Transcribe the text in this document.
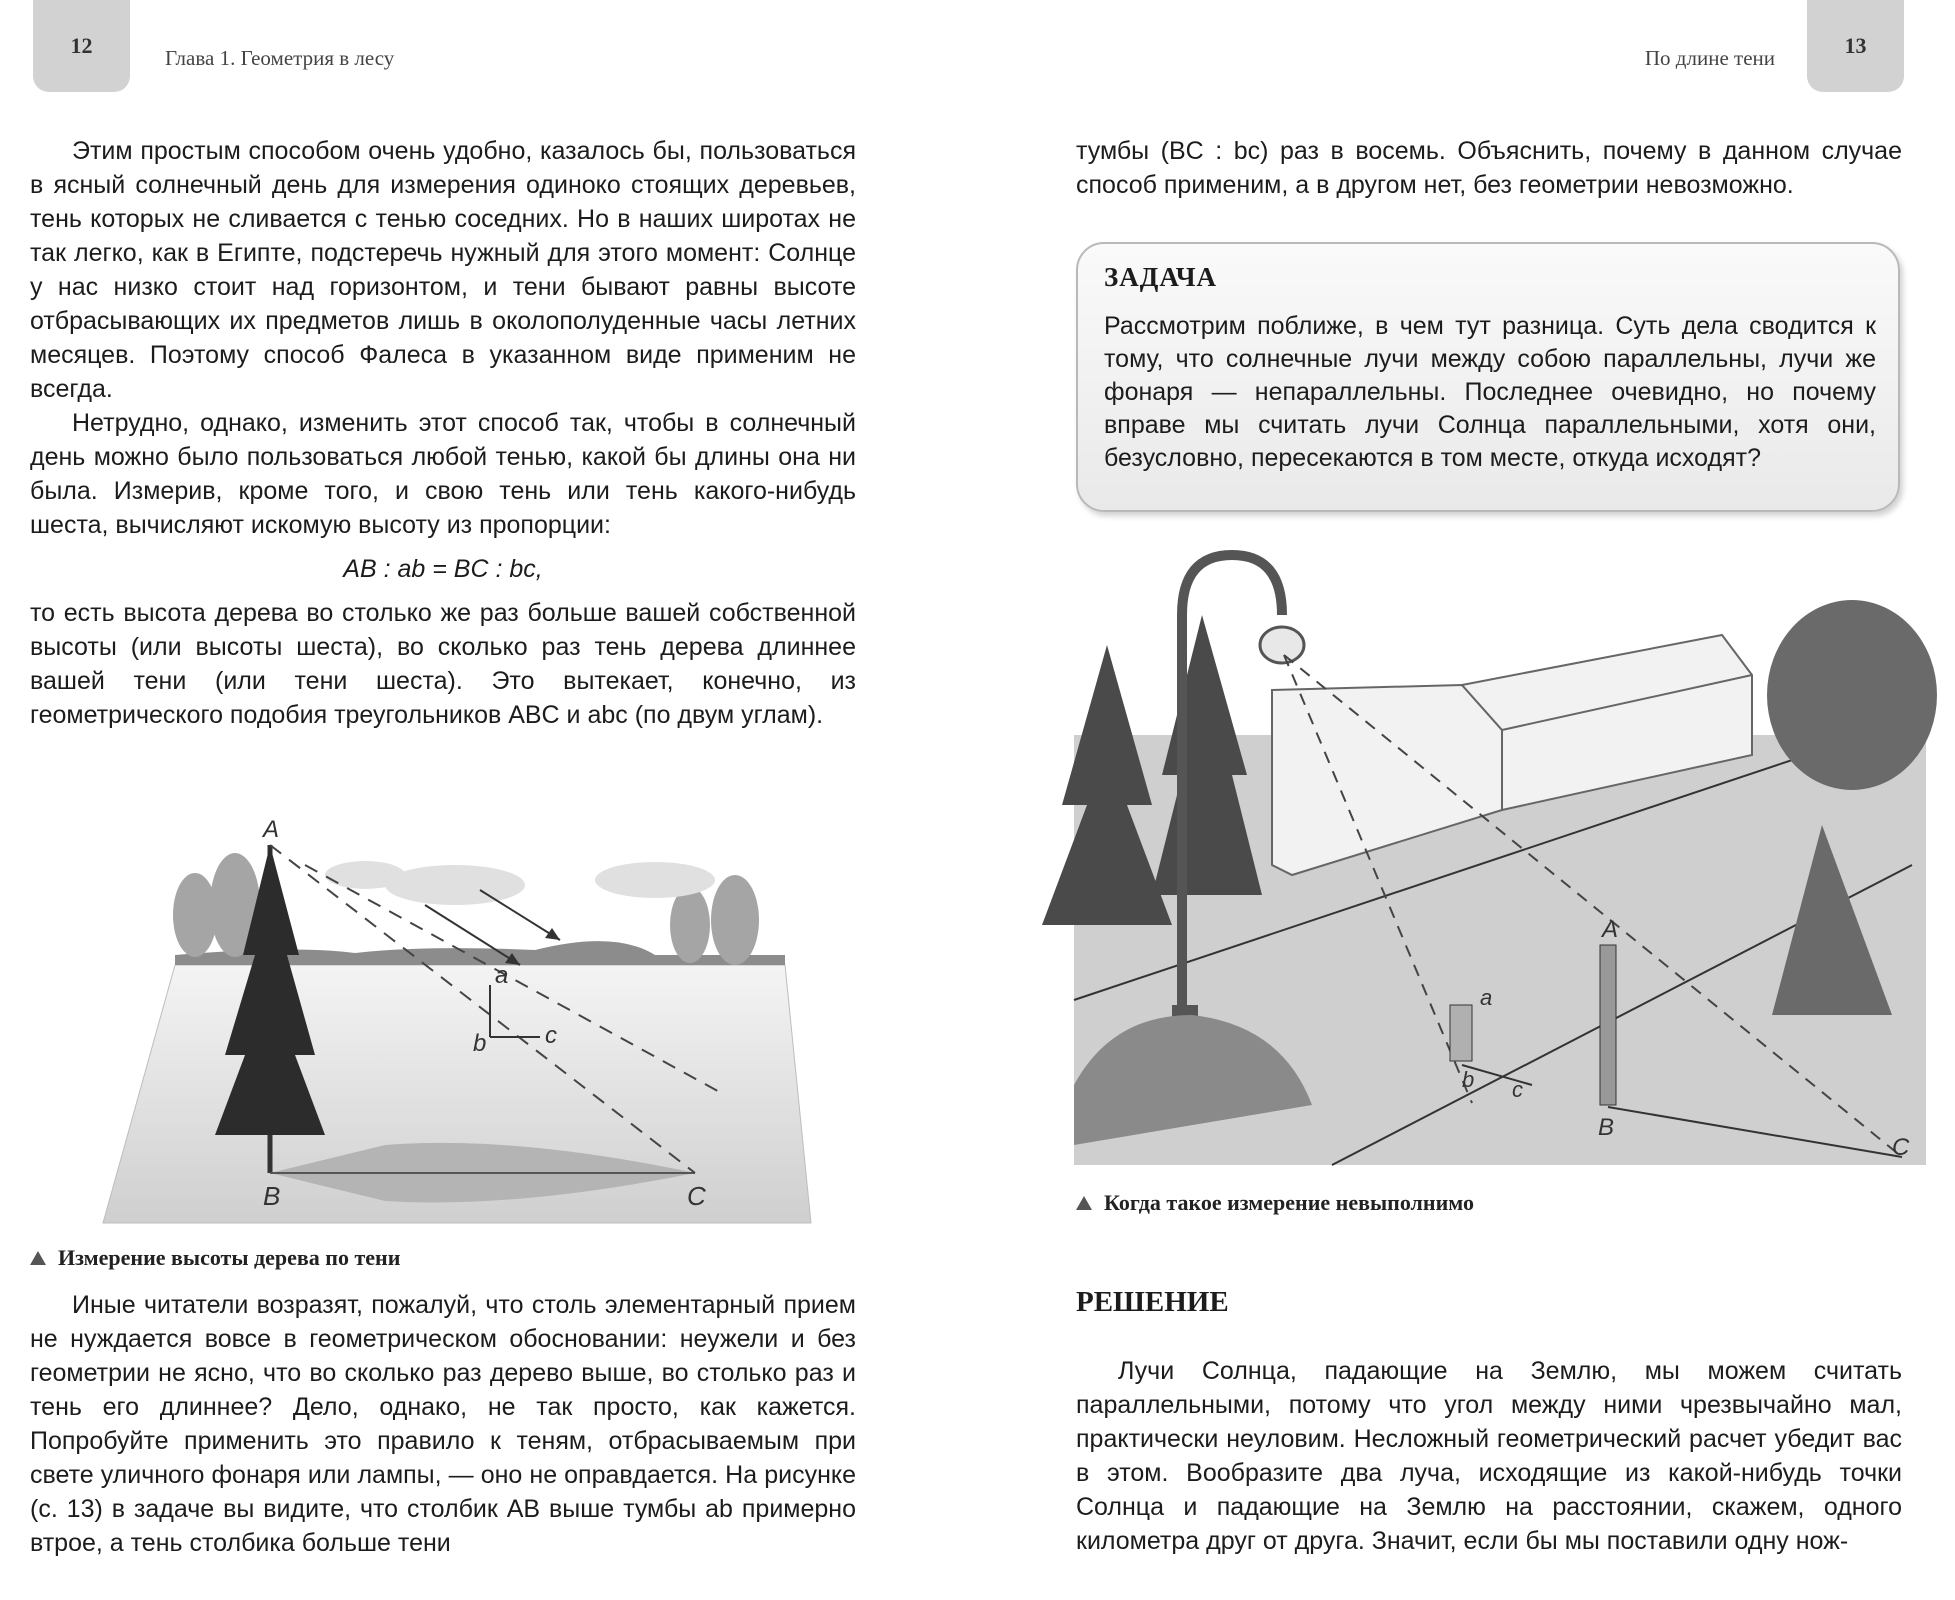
12	Глава 1. Геометрия в лесу	По длине тени	13

Этим простым способом очень удобно, казалось бы, пользоваться в ясный солнечный день для измерения одиноко стоящих деревьев, тень которых не сливается с тенью соседних. Но в наших широтах не так легко, как в Египте, подстеречь нужный для этого момент: Солнце у нас низко стоит над горизонтом, и тени бывают равны высоте отбрасывающих их предметов лишь в околополуденные часы летних месяцев. Поэтому способ Фалеса в указанном виде применим не всегда.

Нетрудно, однако, изменить этот способ так, чтобы в солнечный день можно было пользоваться любой тенью, какой бы длины она ни была. Измерив, кроме того, и свою тень или тень какого-нибудь шеста, вычисляют искомую высоту из пропорции:

AB : ab = BC : bc,

то есть высота дерева во столько же раз больше вашей собственной высоты (или высоты шеста), во сколько раз тень дерева длиннее вашей тени (или тени шеста). Это вытекает, конечно, из геометрического подобия треугольников ABC и abc (по двум углам).

A
B	C
a
b c
Измерение высоты дерева по тени

Иные читатели возразят, пожалуй, что столь элементарный прием не нуждается вовсе в геометрическом обосновании: неужели и без геометрии не ясно, что во сколько раз дерево выше, во столько раз и тень его длиннее? Дело, однако, не так просто, как кажется. Попробуйте применить это правило к теням, отбрасываемым при свете уличного фонаря или лампы, — оно не оправдается. На рисунке (с. 13) в задаче вы видите, что столбик AB выше тумбы ab примерно втрое, а тень столбика больше тени

тумбы (BC : bc) раз в восемь. Объяснить, почему в данном случае способ применим, а в другом нет, без геометрии невозможно.

ЗАДАЧА

Рассмотрим поближе, в чем тут разница. Суть дела сводится к тому, что солнечные лучи между собою параллельны, лучи же фонаря — непараллельны. Последнее очевидно, но почему вправе мы считать лучи Солнца параллельными, хотя они, безусловно, пересекаются в том месте, откуда исходят?

A
B
C
a
b c
Когда такое измерение невыполнимо
РЕШЕНИЕ

Лучи Солнца, падающие на Землю, мы можем считать параллельными, потому что угол между ними чрезвычайно мал, практически неуловим. Несложный геометрический расчет убедит вас в этом. Вообразите два луча, исходящие из какой-нибудь точки Солнца и падающие на Землю на расстоянии, скажем, одного километра друг от друга. Значит, если бы мы поставили одну нож-
